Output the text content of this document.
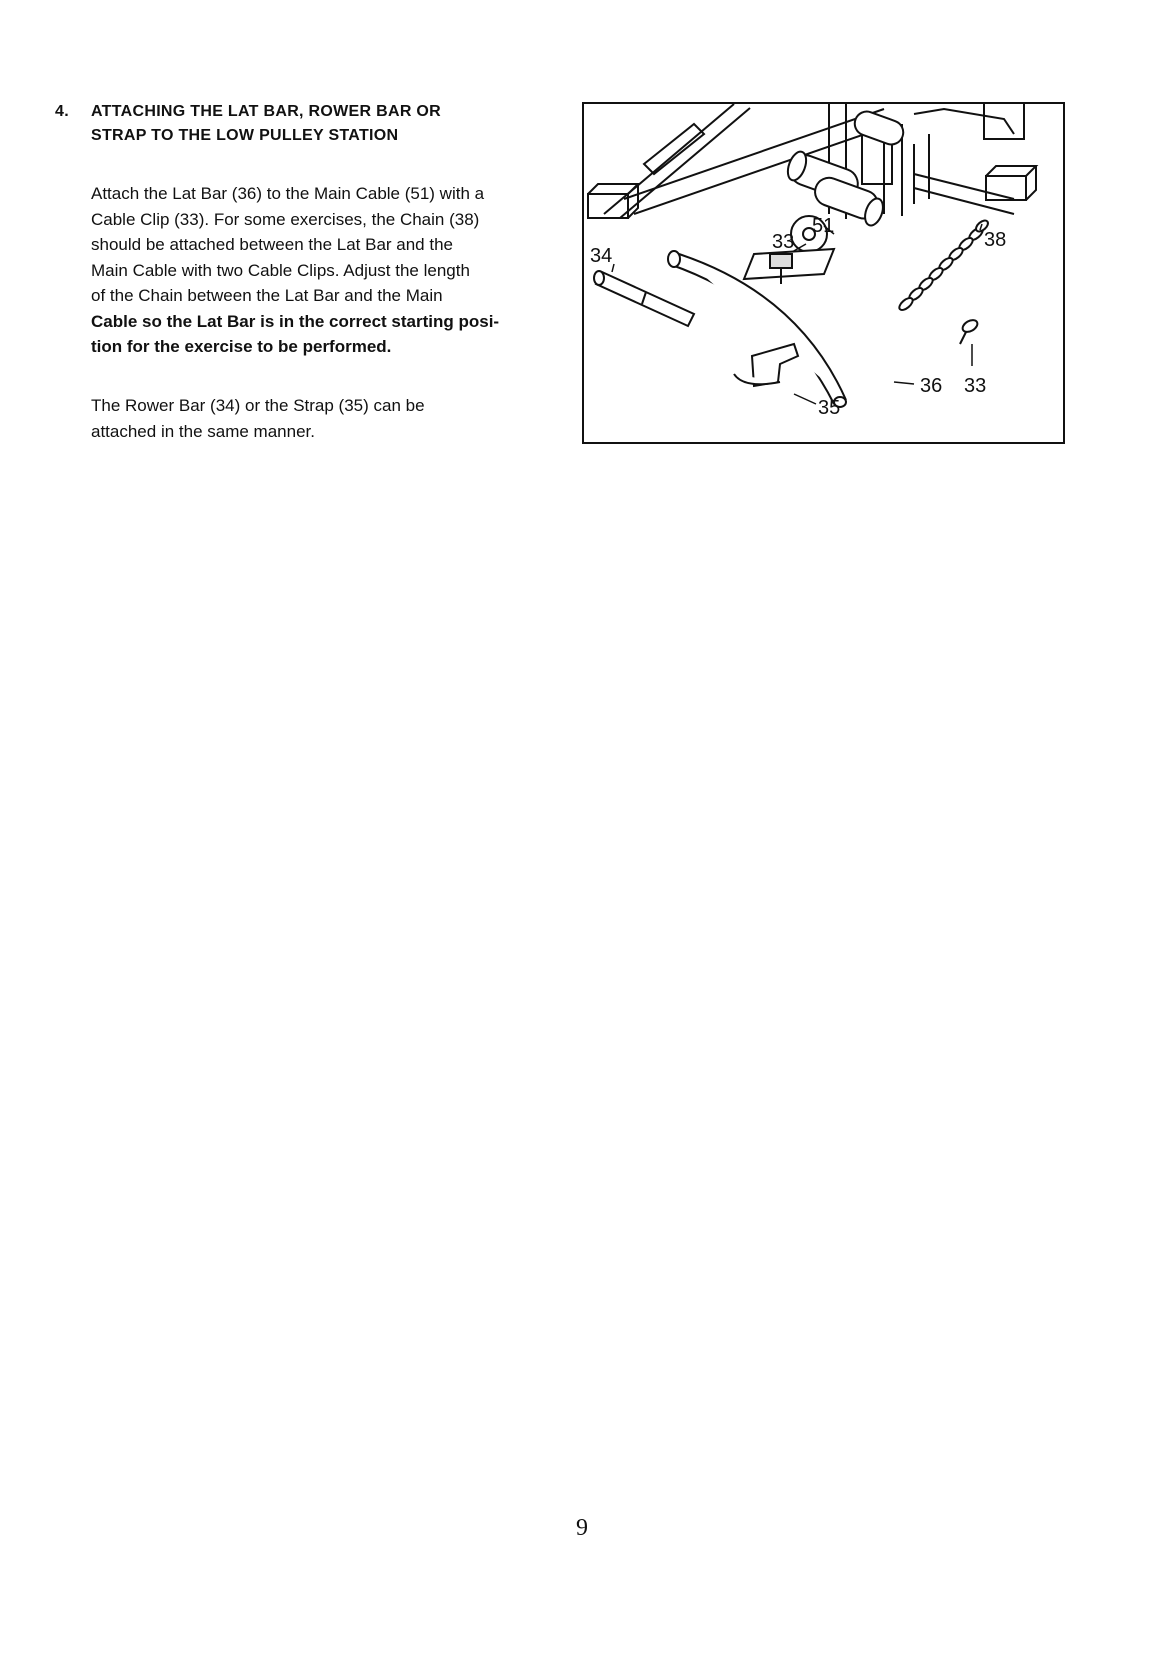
4.	ATTACHING THE LAT BAR, ROWER BAR OR
STRAP TO THE LOW PULLEY STATION

Attach the Lat Bar (36) to the Main Cable (51) with a
Cable Clip (33). For some exercises, the Chain (38)
should be attached between the Lat Bar and the
Main Cable with two Cable Clips. Adjust the length
of the Chain between the Lat Bar and the Main
Cable so the Lat Bar is in the correct starting posi-
tion for the exercise to be performed.

The Rower Bar (34) or the Strap (35) can be
attached in the same manner.

33
51
38
34
36 33
35
9
